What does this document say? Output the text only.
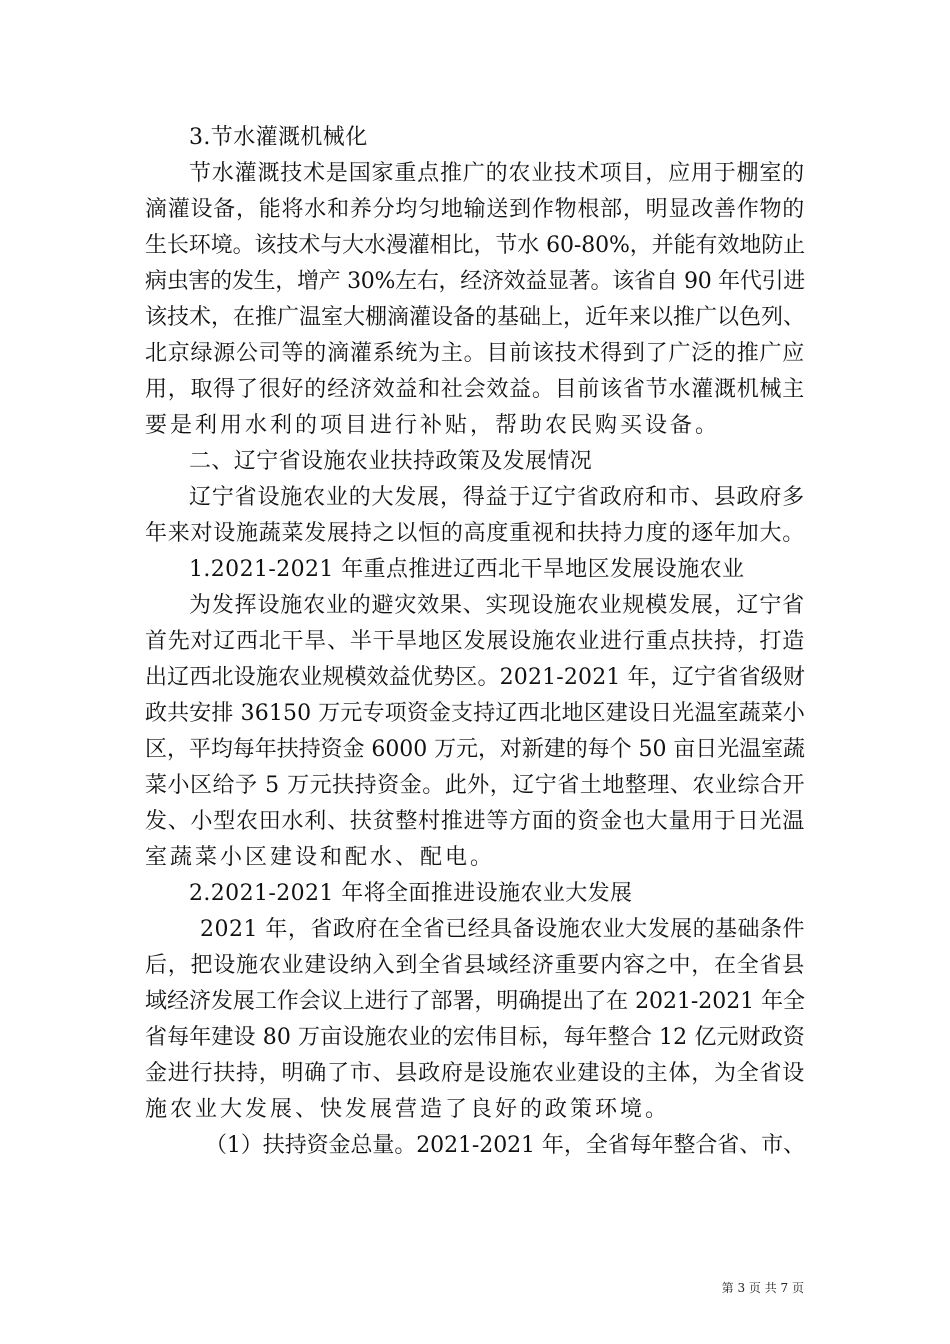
3.节水灌溉机械化
节水灌溉技术是国家重点推广的农业技术项目，应用于棚室的
滴灌设备，能将水和养分均匀地输送到作物根部，明显改善作物的
生长环境。该技术与大水漫灌相比，节水 60-80%，并能有效地防止
病虫害的发生，增产 30%左右，经济效益显著。该省自 90 年代引进
该技术，在推广温室大棚滴灌设备的基础上，近年来以推广以色列、
北京绿源公司等的滴灌系统为主。目前该技术得到了广泛的推广应
用，取得了很好的经济效益和社会效益。目前该省节水灌溉机械主
要是利用水利的项目进行补贴，帮助农民购买设备。
二、辽宁省设施农业扶持政策及发展情况
辽宁省设施农业的大发展，得益于辽宁省政府和市、县政府多
年来对设施蔬菜发展持之以恒的高度重视和扶持力度的逐年加大。
1.2021-2021 年重点推进辽西北干旱地区发展设施农业
为发挥设施农业的避灾效果、实现设施农业规模发展，辽宁省
首先对辽西北干旱、半干旱地区发展设施农业进行重点扶持，打造
出辽西北设施农业规模效益优势区。2021-2021 年，辽宁省省级财
政共安排 36150 万元专项资金支持辽西北地区建设日光温室蔬菜小
区，平均每年扶持资金 6000 万元，对新建的每个 50 亩日光温室蔬
菜小区给予 5 万元扶持资金。此外，辽宁省土地整理、农业综合开
发、小型农田水利、扶贫整村推进等方面的资金也大量用于日光温
室蔬菜小区建设和配水、配电。
2.2021-2021 年将全面推进设施农业大发展
2021 年，省政府在全省已经具备设施农业大发展的基础条件
后，把设施农业建设纳入到全省县域经济重要内容之中，在全省县
域经济发展工作会议上进行了部署，明确提出了在 2021-2021 年全
省每年建设 80 万亩设施农业的宏伟目标，每年整合 12 亿元财政资
金进行扶持，明确了市、县政府是设施农业建设的主体，为全省设
施农业大发展、快发展营造了良好的政策环境。
（1）扶持资金总量。2021-2021 年，全省每年整合省、市、
第 3 页 共 7 页
